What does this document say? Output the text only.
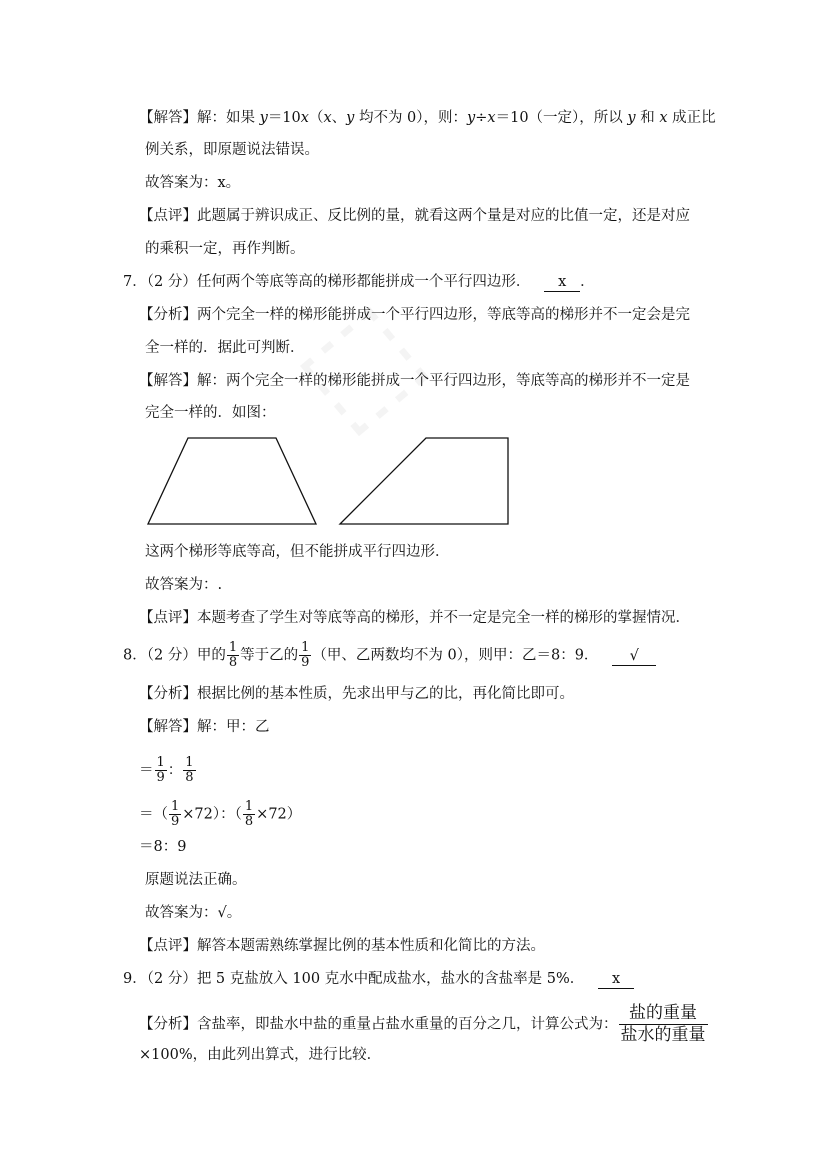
【解答】解：如果 y＝10x（x、y 均不为 0），则：y÷x＝10（一定），所以 y 和 x 成正比
例关系，即原题说法错误。
故答案为：x。
【点评】此题属于辨识成正、反比例的量，就看这两个量是对应的比值一定，还是对应
的乘积一定，再作判断。
7．（2 分）任何两个等底等高的梯形都能拼成一个平行四边形． x ．
【分析】两个完全一样的梯形能拼成一个平行四边形，等底等高的梯形并不一定会是完
全一样的．据此可判断．
【解答】解：两个完全一样的梯形能拼成一个平行四边形，等底等高的梯形并不一定是
完全一样的．如图：
这两个梯形等底等高，但不能拼成平行四边形．
故答案为：.
【点评】本题考查了学生对等底等高的梯形，并不一定是完全一样的梯形的掌握情况．
8．（2 分）甲的 $\frac{1}{8}$ 等于乙的 $\frac{1}{9}$ （甲、乙两数均不为 0），则甲：乙＝8：9． √
【分析】根据比例的基本性质，先求出甲与乙的比，再化简比即可。
【解答】解：甲：乙
＝ $\frac{1}{9}$ ： $\frac{1}{8}$
＝（ $\frac{1}{9} \times 72$）：（ $\frac{1}{8} \times 72$）
＝8：9
原题说法正确。
故答案为：√。
【点评】解答本题需熟练掌握比例的基本性质和化简比的方法。
9．（2 分）把 5 克盐放入 100 克水中配成盐水，盐水的含盐率是 5%． x
【分析】含盐率，即盐水中盐的重量占盐水重量的百分之几，计算公式为： $\frac{\text{盐的重量}}{\text{盐水的重量}}$
×100%，由此列出算式，进行比较．
